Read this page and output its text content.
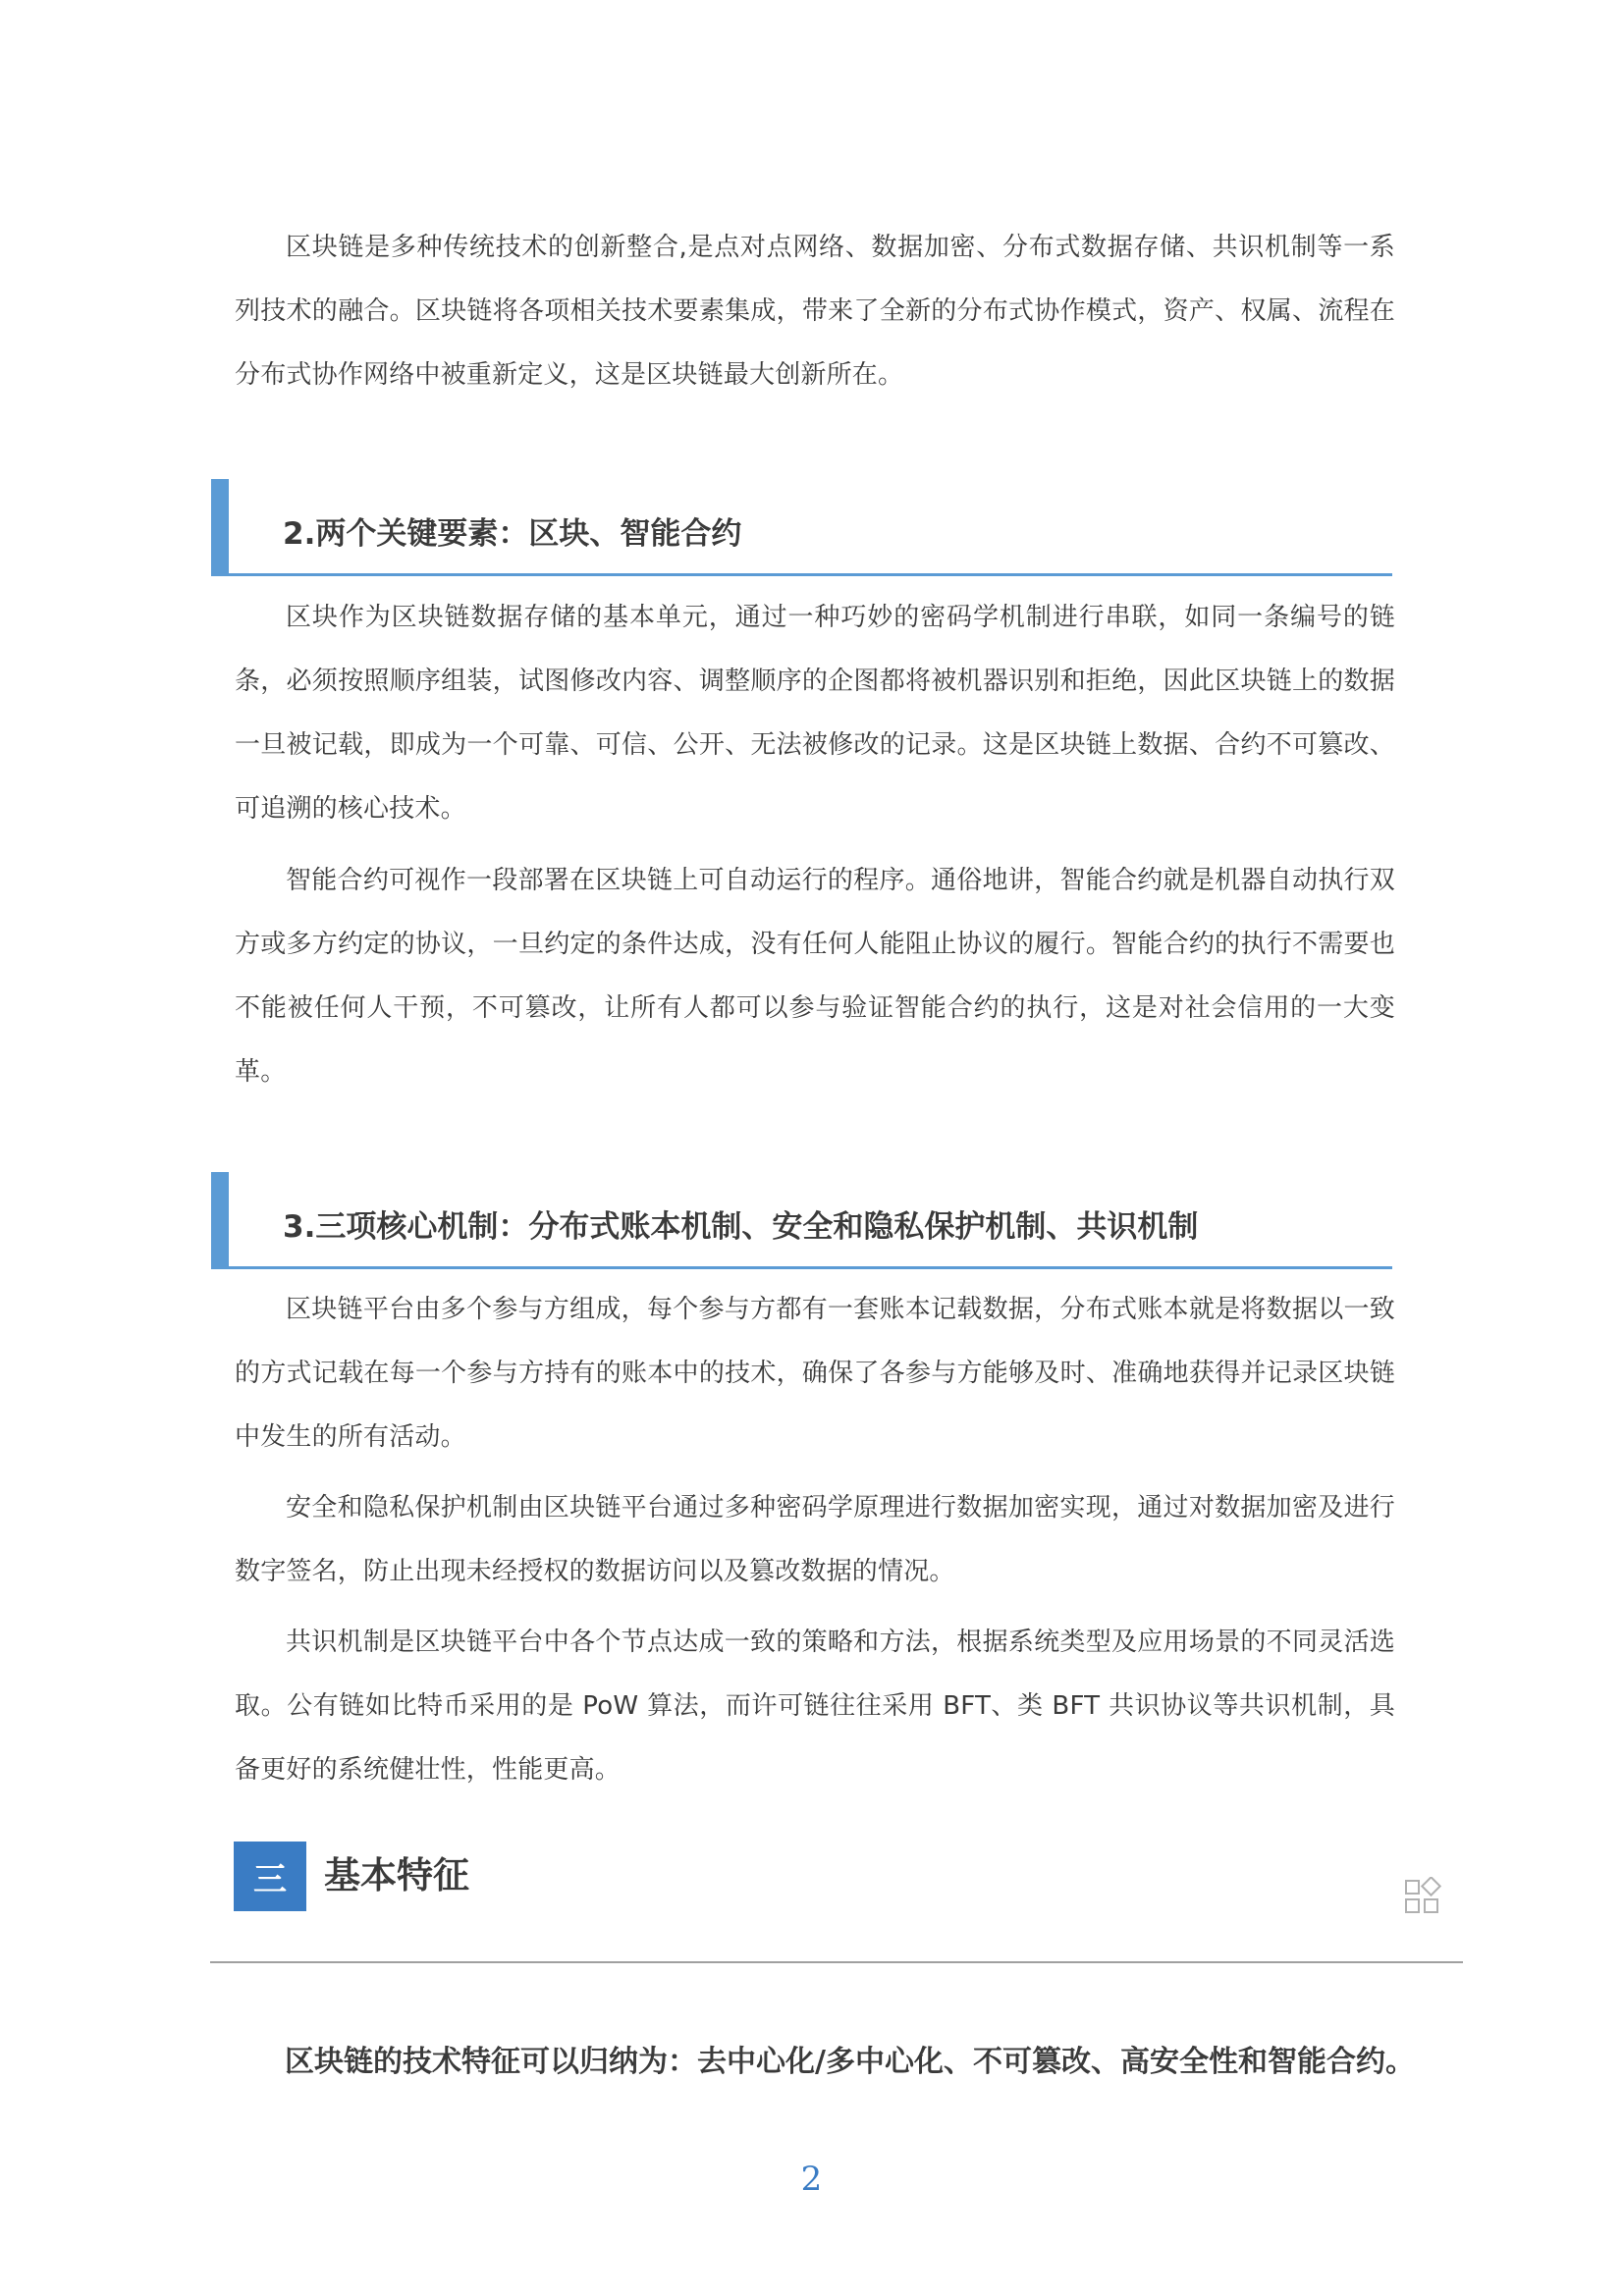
区块链是多种传统技术的创新整合,是点对点网络、数据加密、分布式数据存储、共识机制等一系列技术的融合。区块链将各项相关技术要素集成，带来了全新的分布式协作模式，资产、权属、流程在分布式协作网络中被重新定义，这是区块链最大创新所在。

2.两个关键要素：区块、智能合约

区块作为区块链数据存储的基本单元，通过一种巧妙的密码学机制进行串联，如同一条编号的链条，必须按照顺序组装，试图修改内容、调整顺序的企图都将被机器识别和拒绝，因此区块链上的数据一旦被记载，即成为一个可靠、可信、公开、无法被修改的记录。这是区块链上数据、合约不可篡改、可追溯的核心技术。

智能合约可视作一段部署在区块链上可自动运行的程序。通俗地讲，智能合约就是机器自动执行双方或多方约定的协议，一旦约定的条件达成，没有任何人能阻止协议的履行。智能合约的执行不需要也不能被任何人干预，不可篡改，让所有人都可以参与验证智能合约的执行，这是对社会信用的一大变革。

3.三项核心机制：分布式账本机制、安全和隐私保护机制、共识机制

区块链平台由多个参与方组成，每个参与方都有一套账本记载数据，分布式账本就是将数据以一致的方式记载在每一个参与方持有的账本中的技术，确保了各参与方能够及时、准确地获得并记录区块链中发生的所有活动。

安全和隐私保护机制由区块链平台通过多种密码学原理进行数据加密实现，通过对数据加密及进行数字签名，防止出现未经授权的数据访问以及篡改数据的情况。

共识机制是区块链平台中各个节点达成一致的策略和方法，根据系统类型及应用场景的不同灵活选取。公有链如比特币采用的是 PoW 算法，而许可链往往采用 BFT、类 BFT 共识协议等共识机制，具备更好的系统健壮性，性能更高。

三	基本特征
区块链的技术特征可以归纳为：去中心化/多中心化、不可篡改、高安全性和智能合约。
2
